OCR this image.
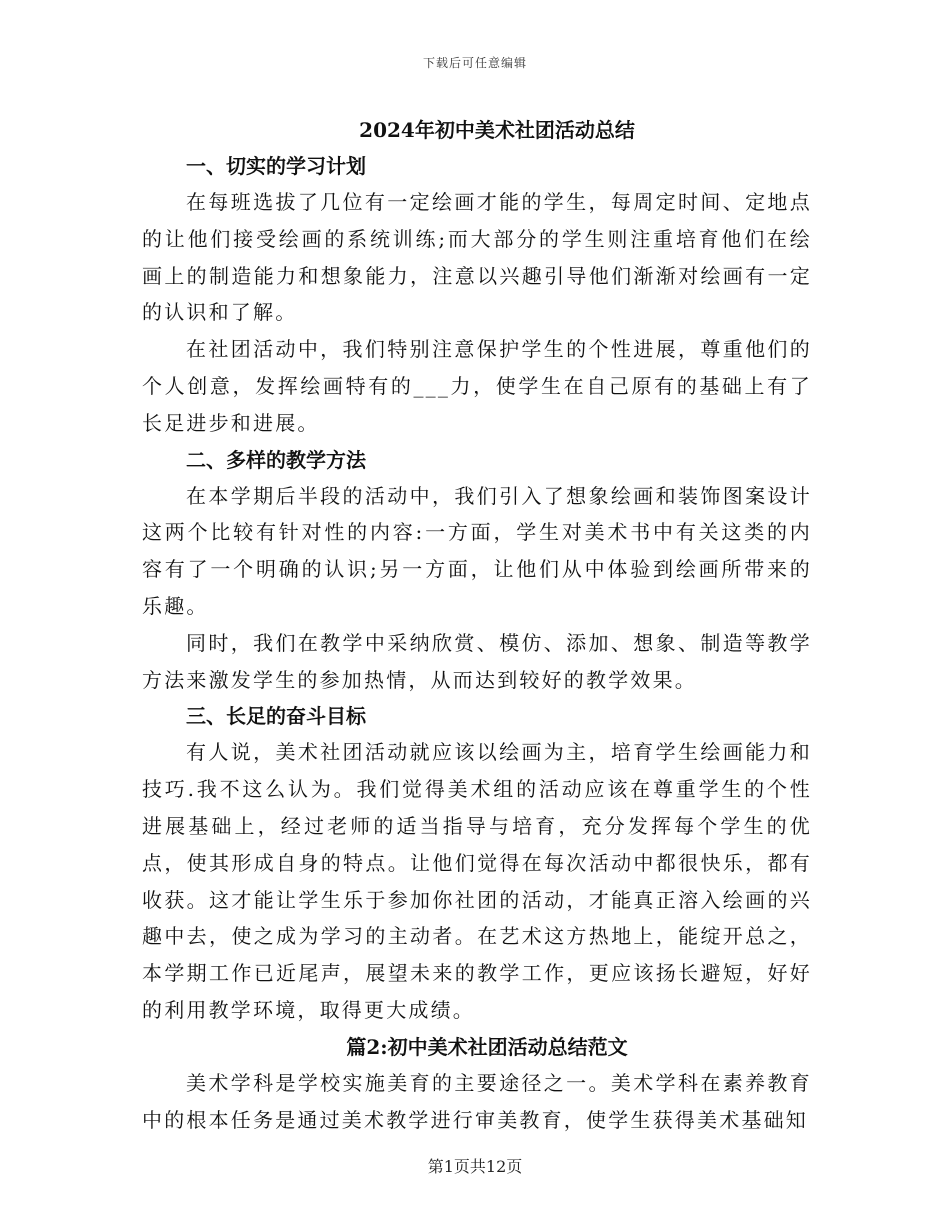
下载后可任意编辑
2024年初中美术社团活动总结
一、切实的学习计划

在每班选拔了几位有一定绘画才能的学生，每周定时间、定地点的让他们接受绘画的系统训练;而大部分的学生则注重培育他们在绘画上的制造能力和想象能力，注意以兴趣引导他们渐渐对绘画有一定的认识和了解。

在社团活动中，我们特别注意保护学生的个性进展，尊重他们的个人创意，发挥绘画特有的___力，使学生在自己原有的基础上有了长足进步和进展。

二、多样的教学方法

在本学期后半段的活动中，我们引入了想象绘画和装饰图案设计这两个比较有针对性的内容:一方面，学生对美术书中有关这类的内容有了一个明确的认识;另一方面，让他们从中体验到绘画所带来的乐趣。

同时，我们在教学中采纳欣赏、模仿、添加、想象、制造等教学方法来激发学生的参加热情，从而达到较好的教学效果。

三、长足的奋斗目标

有人说，美术社团活动就应该以绘画为主，培育学生绘画能力和技巧.我不这么认为。我们觉得美术组的活动应该在尊重学生的个性进展基础上，经过老师的适当指导与培育，充分发挥每个学生的优点，使其形成自身的特点。让他们觉得在每次活动中都很快乐，都有收获。这才能让学生乐于参加你社团的活动，才能真正溶入绘画的兴趣中去，使之成为学习的主动者。在艺术这方热地上，能绽开总之，本学期工作已近尾声，展望未来的教学工作，更应该扬长避短，好好的利用教学环境，取得更大成绩。

篇2:初中美术社团活动总结范文

美术学科是学校实施美育的主要途径之一。美术学科在素养教育中的根本任务是通过美术教学进行审美教育，使学生获得美术基础知

第1页共12页
